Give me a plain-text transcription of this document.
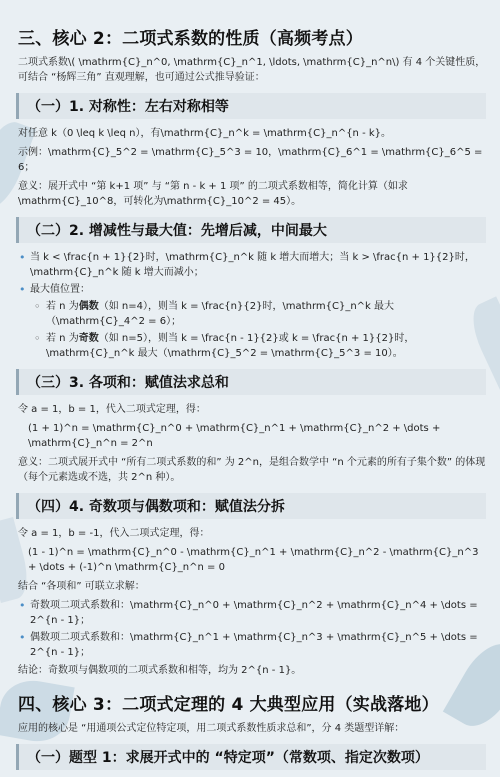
三、核心 2：二项式系数的性质（高频考点）

二项式系数\( \mathrm{C}_n^0, \mathrm{C}_n^1, \ldots, \mathrm{C}_n^n\) 有 4 个关键性质，可结合 “杨辉三角” 直观理解，也可通过公式推导验证：

（一）1. 对称性：左右对称相等

对任意 k（0 \leq k \leq n），有\mathrm{C}_n^k = \mathrm{C}_n^{n - k}。

示例：\mathrm{C}_5^2 = \mathrm{C}_5^3 = 10，\mathrm{C}_6^1 = \mathrm{C}_6^5 = 6；

意义：展开式中 “第 k+1 项” 与 “第 n - k + 1 项” 的二项式系数相等，简化计算（如求\mathrm{C}_10^8，可转化为\mathrm{C}_10^2 = 45）。

（二）2. 增减性与最大值：先增后减，中间最大
• 当 k < \frac{n + 1}{2}时，\mathrm{C}_n^k 随 k 增大而增大；当 k > \frac{n + 1}{2}时，\mathrm{C}_n^k 随 k 增大而减小；
• 最大值位置：
◦ 若 n 为偶数（如 n=4），则当 k = \frac{n}{2}时，\mathrm{C}_n^k 最大（\mathrm{C}_4^2 = 6）；
◦ 若 n 为奇数（如 n=5），则当 k = \frac{n - 1}{2}或 k = \frac{n + 1}{2}时，\mathrm{C}_n^k 最大（\mathrm{C}_5^2 = \mathrm{C}_5^3 = 10）。
（三）3. 各项和：赋值法求总和

令 a = 1，b = 1，代入二项式定理，得：

(1 + 1)^n = \mathrm{C}_n^0 + \mathrm{C}_n^1 + \mathrm{C}_n^2 + \dots + \mathrm{C}_n^n = 2^n

意义：二项式展开式中 “所有二项式系数的和” 为 2^n，是组合数学中 “n 个元素的所有子集个数” 的体现（每个元素选或不选，共 2^n 种）。

（四）4. 奇数项与偶数项和：赋值法分拆

令 a = 1，b = -1，代入二项式定理，得：

(1 - 1)^n = \mathrm{C}_n^0 - \mathrm{C}_n^1 + \mathrm{C}_n^2 - \mathrm{C}_n^3 + \dots + (-1)^n \mathrm{C}_n^n = 0

结合 “各项和” 可联立求解：

• 奇数项二项式系数和：\mathrm{C}_n^0 + \mathrm{C}_n^2 + \mathrm{C}_n^4 + \dots = 2^{n - 1}；
• 偶数项二项式系数和：\mathrm{C}_n^1 + \mathrm{C}_n^3 + \mathrm{C}_n^5 + \dots = 2^{n - 1}；

结论：奇数项与偶数项的二项式系数和相等，均为 2^{n - 1}。

四、核心 3：二项式定理的 4 大典型应用（实战落地）

应用的核心是 “用通项公式定位特定项，用二项式系数性质求总和”，分 4 类题型详解：

（一）题型 1：求展开式中的 “特定项”（常数项、指定次数项）
